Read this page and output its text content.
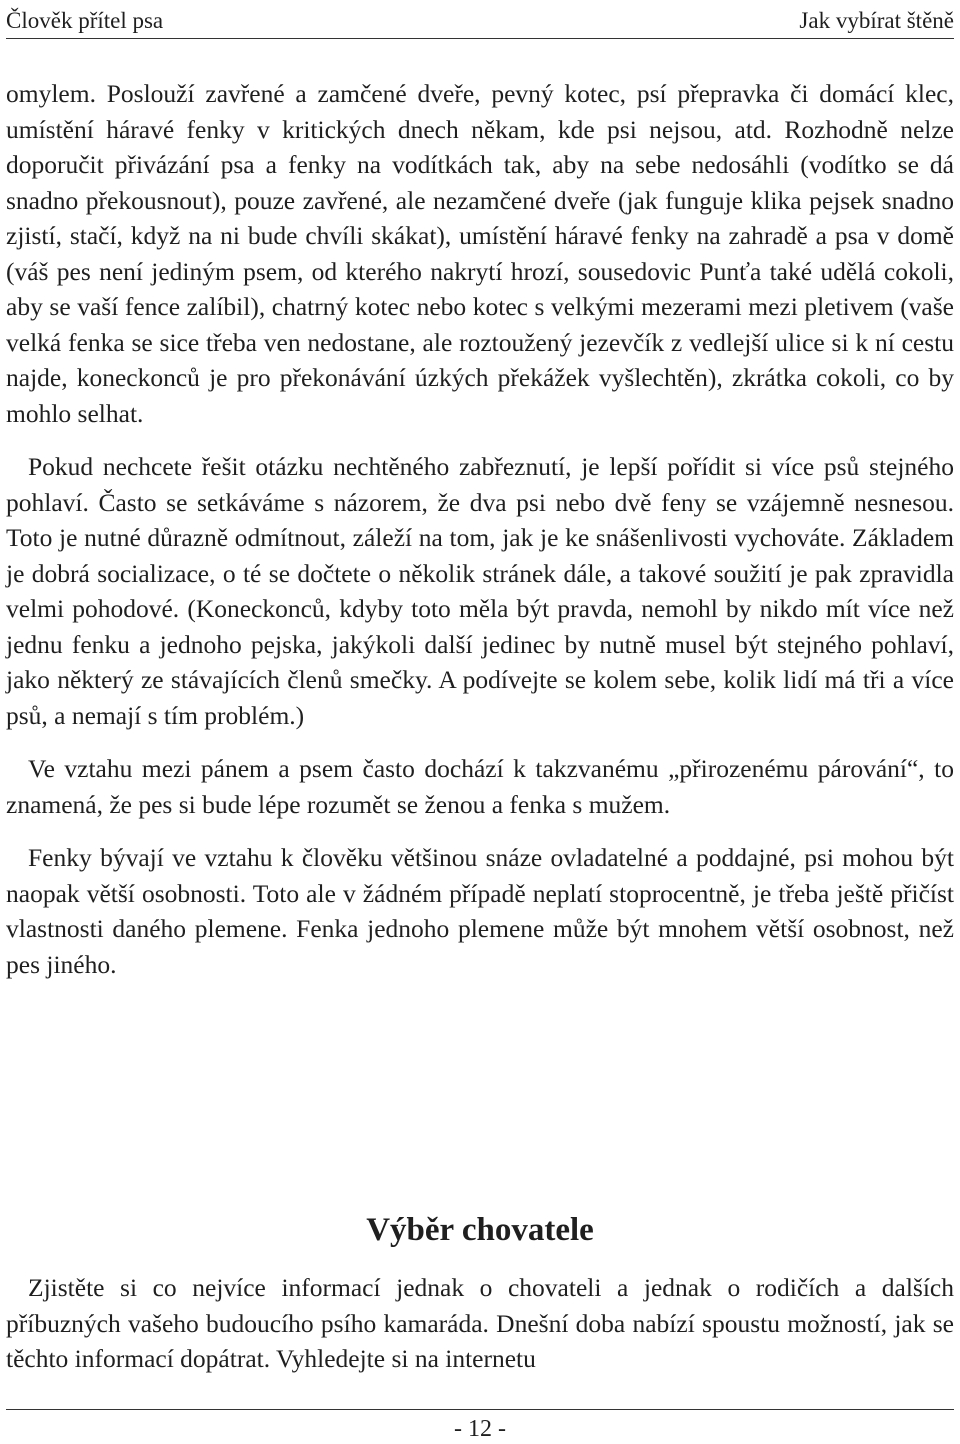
Člověk přítel psa	Jak vybírat štěně

omylem. Poslouží zavřené a zamčené dveře, pevný kotec, psí přepravka či domácí klec, umístění háravé fenky v kritických dnech někam, kde psi nejsou, atd. Rozhodně nelze doporučit přivázání psa a fenky na vodítkách tak, aby na sebe nedosáhli (vodítko se dá snadno překousnout), pouze zavřené, ale nezamčené dveře (jak funguje klika pejsek snadno zjistí, stačí, když na ni bude chvíli skákat), umístění háravé fenky na zahradě a psa v domě (váš pes není jediným psem, od kterého nakrytí hrozí, sousedovic Punťa také udělá cokoli, aby se vaší fence zalíbil), chatrný kotec nebo kotec s velkými mezerami mezi pletivem (vaše velká fenka se sice třeba ven nedostane, ale roztoužený jezevčík z vedlejší ulice si k ní cestu najde, koneckonců je pro překonávání úzkých překážek vyšlechtěn), zkrátka cokoli, co by mohlo selhat.

Pokud nechcete řešit otázku nechtěného zabřeznutí, je lepší pořídit si více psů stejného pohlaví. Často se setkáváme s názorem, že dva psi nebo dvě feny se vzájemně nesnesou. Toto je nutné důrazně odmítnout, záleží na tom, jak je ke snášenlivosti vychováte. Základem je dobrá socializace, o té se dočtete o několik stránek dále, a takové soužití je pak zpravidla velmi pohodové. (Koneckonců, kdyby toto měla být pravda, nemohl by nikdo mít více než jednu fenku a jednoho pejska, jakýkoli další jedinec by nutně musel být stejného pohlaví, jako některý ze stávajících členů smečky. A podívejte se kolem sebe, kolik lidí má tři a více psů, a nemají s tím problém.)

Ve vztahu mezi pánem a psem často dochází k takzvanému „přirozenému párování“, to znamená, že pes si bude lépe rozumět se ženou a fenka s mužem.

Fenky bývají ve vztahu k člověku většinou snáze ovladatelné a poddajné, psi mohou být naopak větší osobnosti. Toto ale v žádném případě neplatí stoprocentně, je třeba ještě přičíst vlastnosti daného plemene. Fenka jednoho plemene může být mnohem větší osobnost, než pes jiného.

Výběr chovatele

Zjistěte si co nejvíce informací jednak o chovateli a jednak o rodičích a dalších příbuzných vašeho budoucího psího kamaráda. Dnešní doba nabízí spoustu možností, jak se těchto informací dopátrat. Vyhledejte si na internetu

- 12 -
